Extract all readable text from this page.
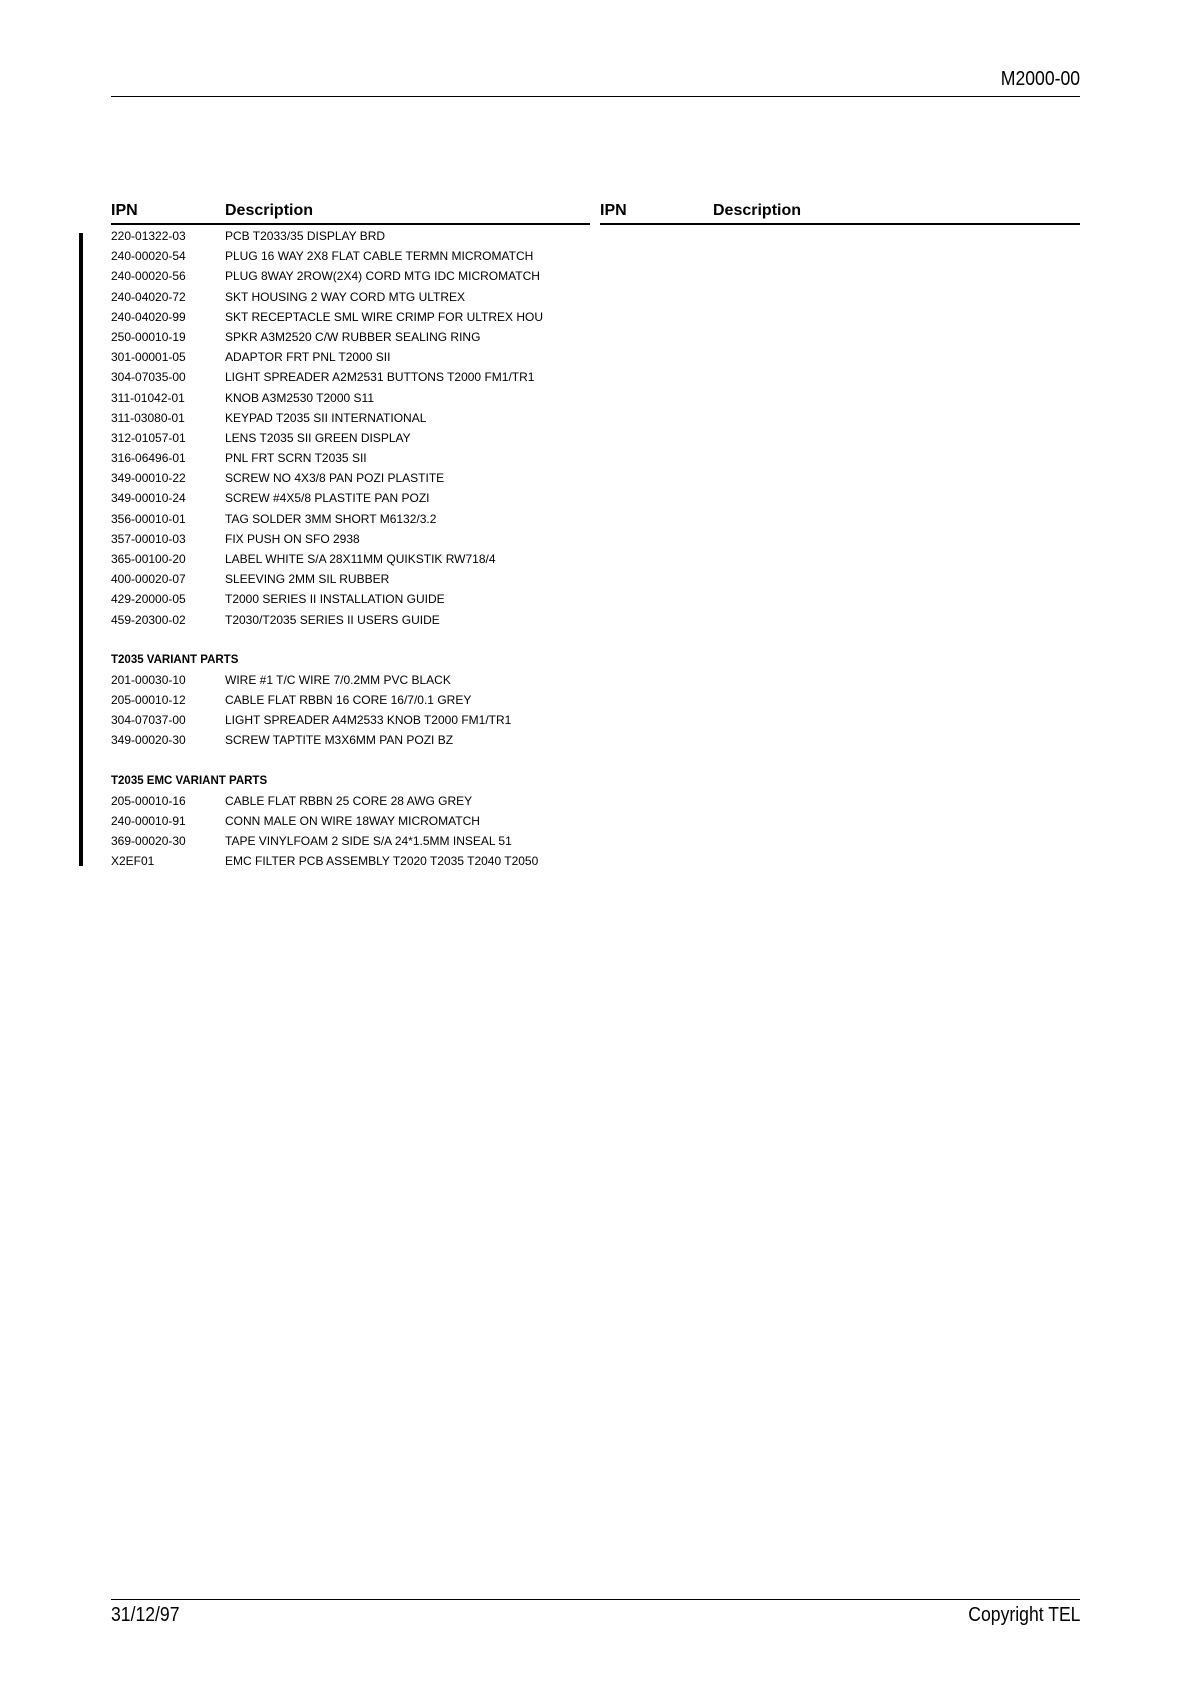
M2000-00
IPN	Description	IPN	Description
220-01322-03	PCB T2033/35 DISPLAY BRD
240-00020-54	PLUG 16 WAY 2X8 FLAT CABLE TERMN MICROMATCH
240-00020-56	PLUG 8WAY 2ROW(2X4) CORD MTG IDC MICROMATCH
240-04020-72	SKT HOUSING 2 WAY CORD MTG ULTREX
240-04020-99	SKT RECEPTACLE SML WIRE CRIMP FOR ULTREX HOU
250-00010-19	SPKR A3M2520 C/W RUBBER SEALING RING
301-00001-05	ADAPTOR FRT PNL T2000 SII
304-07035-00	LIGHT SPREADER A2M2531 BUTTONS T2000 FM1/TR1
311-01042-01	KNOB A3M2530 T2000 S11
311-03080-01	KEYPAD T2035 SII INTERNATIONAL
312-01057-01	LENS T2035 SII GREEN DISPLAY
316-06496-01	PNL FRT SCRN T2035 SII
349-00010-22	SCREW NO 4X3/8 PAN POZI PLASTITE
349-00010-24	SCREW #4X5/8 PLASTITE PAN POZI
356-00010-01	TAG SOLDER 3MM SHORT M6132/3.2
357-00010-03	FIX PUSH ON SFO 2938
365-00100-20	LABEL WHITE S/A 28X11MM QUIKSTIK RW718/4
400-00020-07	SLEEVING 2MM SIL RUBBER
429-20000-05	T2000 SERIES II INSTALLATION GUIDE
459-20300-02	T2030/T2035 SERIES II USERS GUIDE
T2035 VARIANT PARTS
201-00030-10	WIRE #1 T/C WIRE 7/0.2MM PVC BLACK
205-00010-12	CABLE FLAT RBBN 16 CORE 16/7/0.1 GREY
304-07037-00	LIGHT SPREADER A4M2533 KNOB T2000 FM1/TR1
349-00020-30	SCREW TAPTITE M3X6MM PAN POZI BZ
T2035 EMC VARIANT PARTS
205-00010-16	CABLE FLAT RBBN 25 CORE 28 AWG GREY
240-00010-91	CONN MALE ON WIRE 18WAY MICROMATCH
369-00020-30	TAPE VINYLFOAM 2 SIDE S/A 24*1.5MM INSEAL 51
X2EF01	EMC FILTER PCB ASSEMBLY T2020 T2035 T2040 T2050
31/12/97	Copyright TEL
